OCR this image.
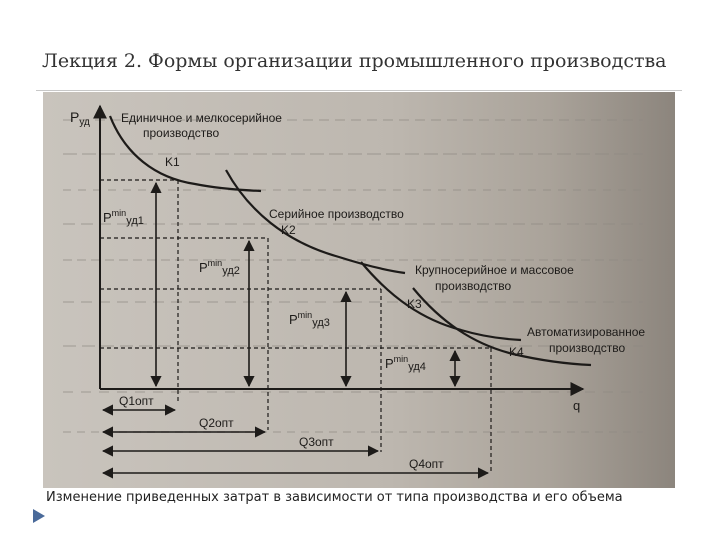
Лекция 2. Формы организации промышленного производства
$P_{уд}$
q
Единичное и мелкосерийное
производство
K1
Серийное производство
K2
Крупносерийное и массовое
производство
K3
Автоматизированное
производство
K4
$P^{min}_{уд1}$
$P^{min}_{уд2}$
$P^{min}_{уд3}$
$P^{min}_{уд4}$
Q1опт
Q2опт
Q3опт
Q4опт
Изменение приведенных затрат в зависимости от типа производства и его объема
